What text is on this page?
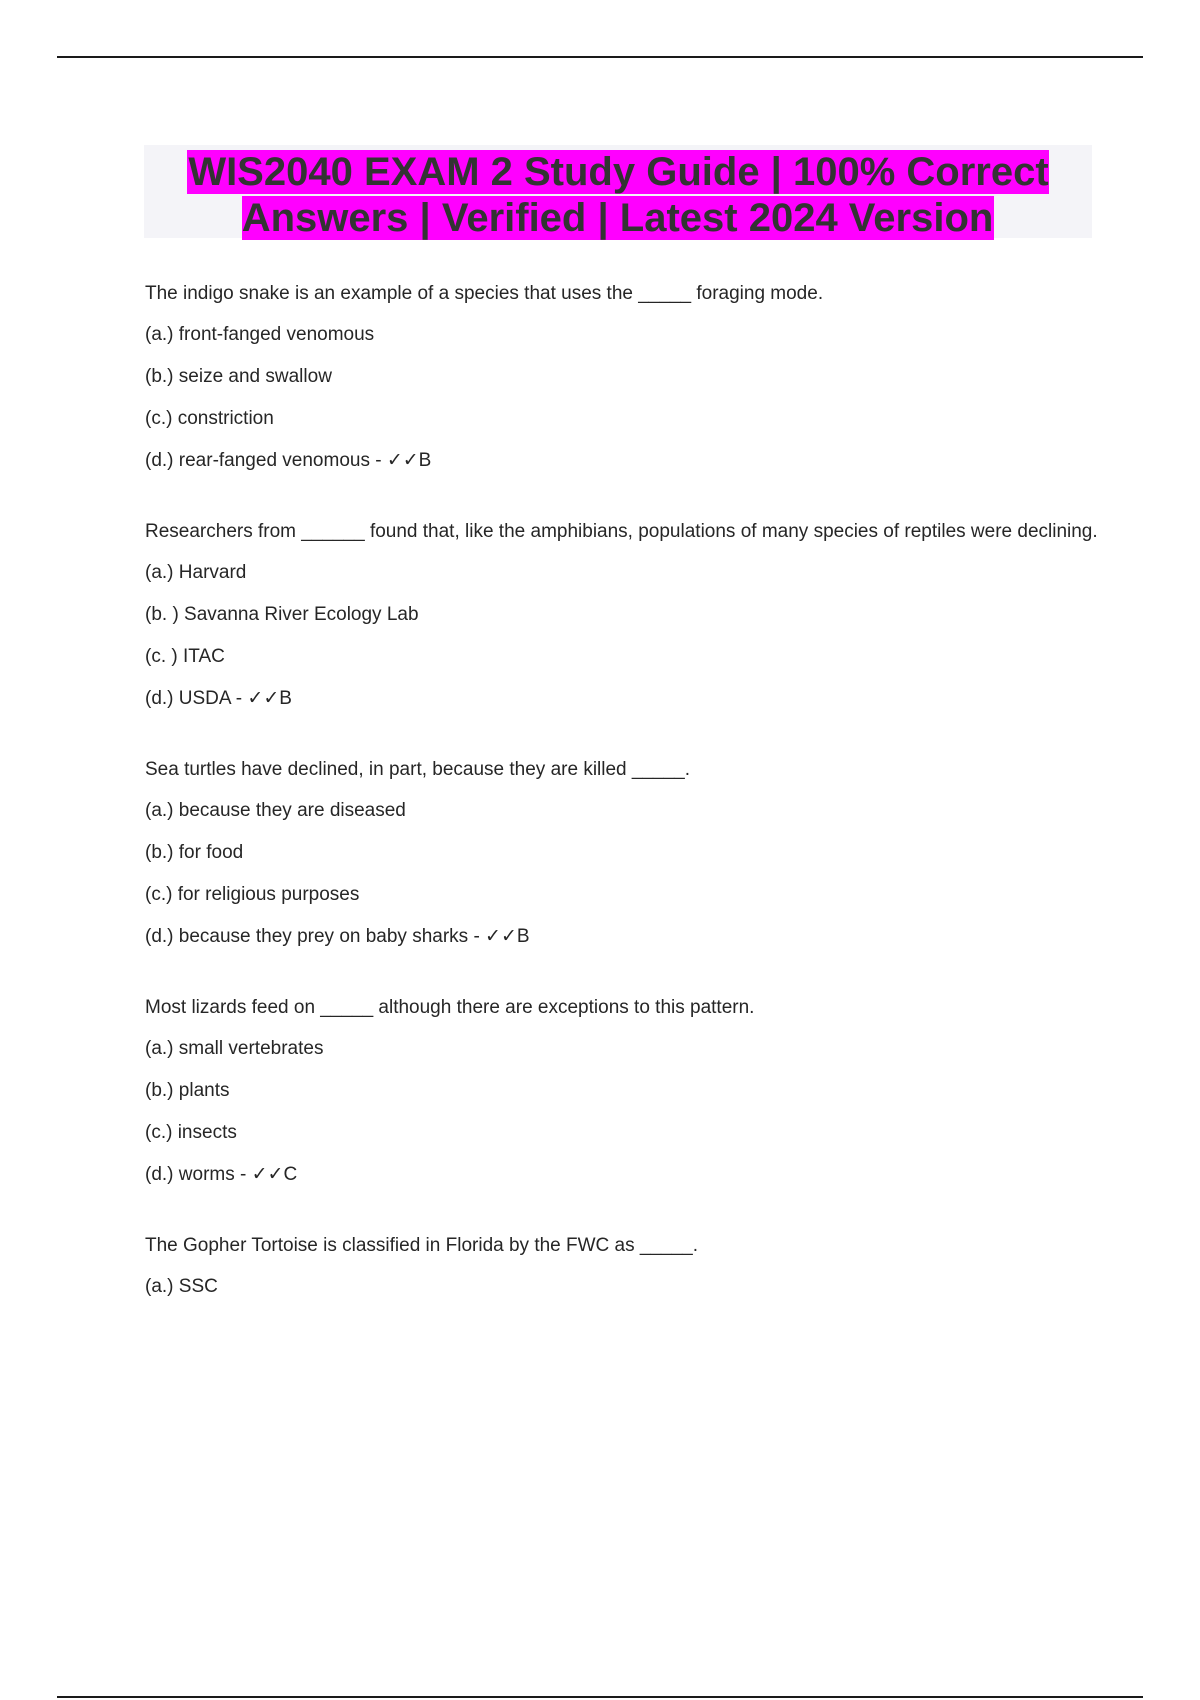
WIS2040 EXAM 2 Study Guide | 100% Correct Answers | Verified | Latest 2024 Version

The indigo snake is an example of a species that uses the _____ foraging mode.

(a.) front-fanged venomous

(b.) seize and swallow

(c.) constriction

(d.) rear-fanged venomous - ✓✓B

Researchers from ______ found that, like the amphibians, populations of many species of reptiles were declining.

(a.) Harvard

(b. ) Savanna River Ecology Lab

(c. ) ITAC

(d.) USDA - ✓✓B

Sea turtles have declined, in part, because they are killed _____.

(a.) because they are diseased

(b.) for food

(c.) for religious purposes

(d.) because they prey on baby sharks - ✓✓B

Most lizards feed on _____ although there are exceptions to this pattern.

(a.) small vertebrates

(b.) plants

(c.) insects

(d.) worms - ✓✓C

The Gopher Tortoise is classified in Florida by the FWC as _____.

(a.) SSC
